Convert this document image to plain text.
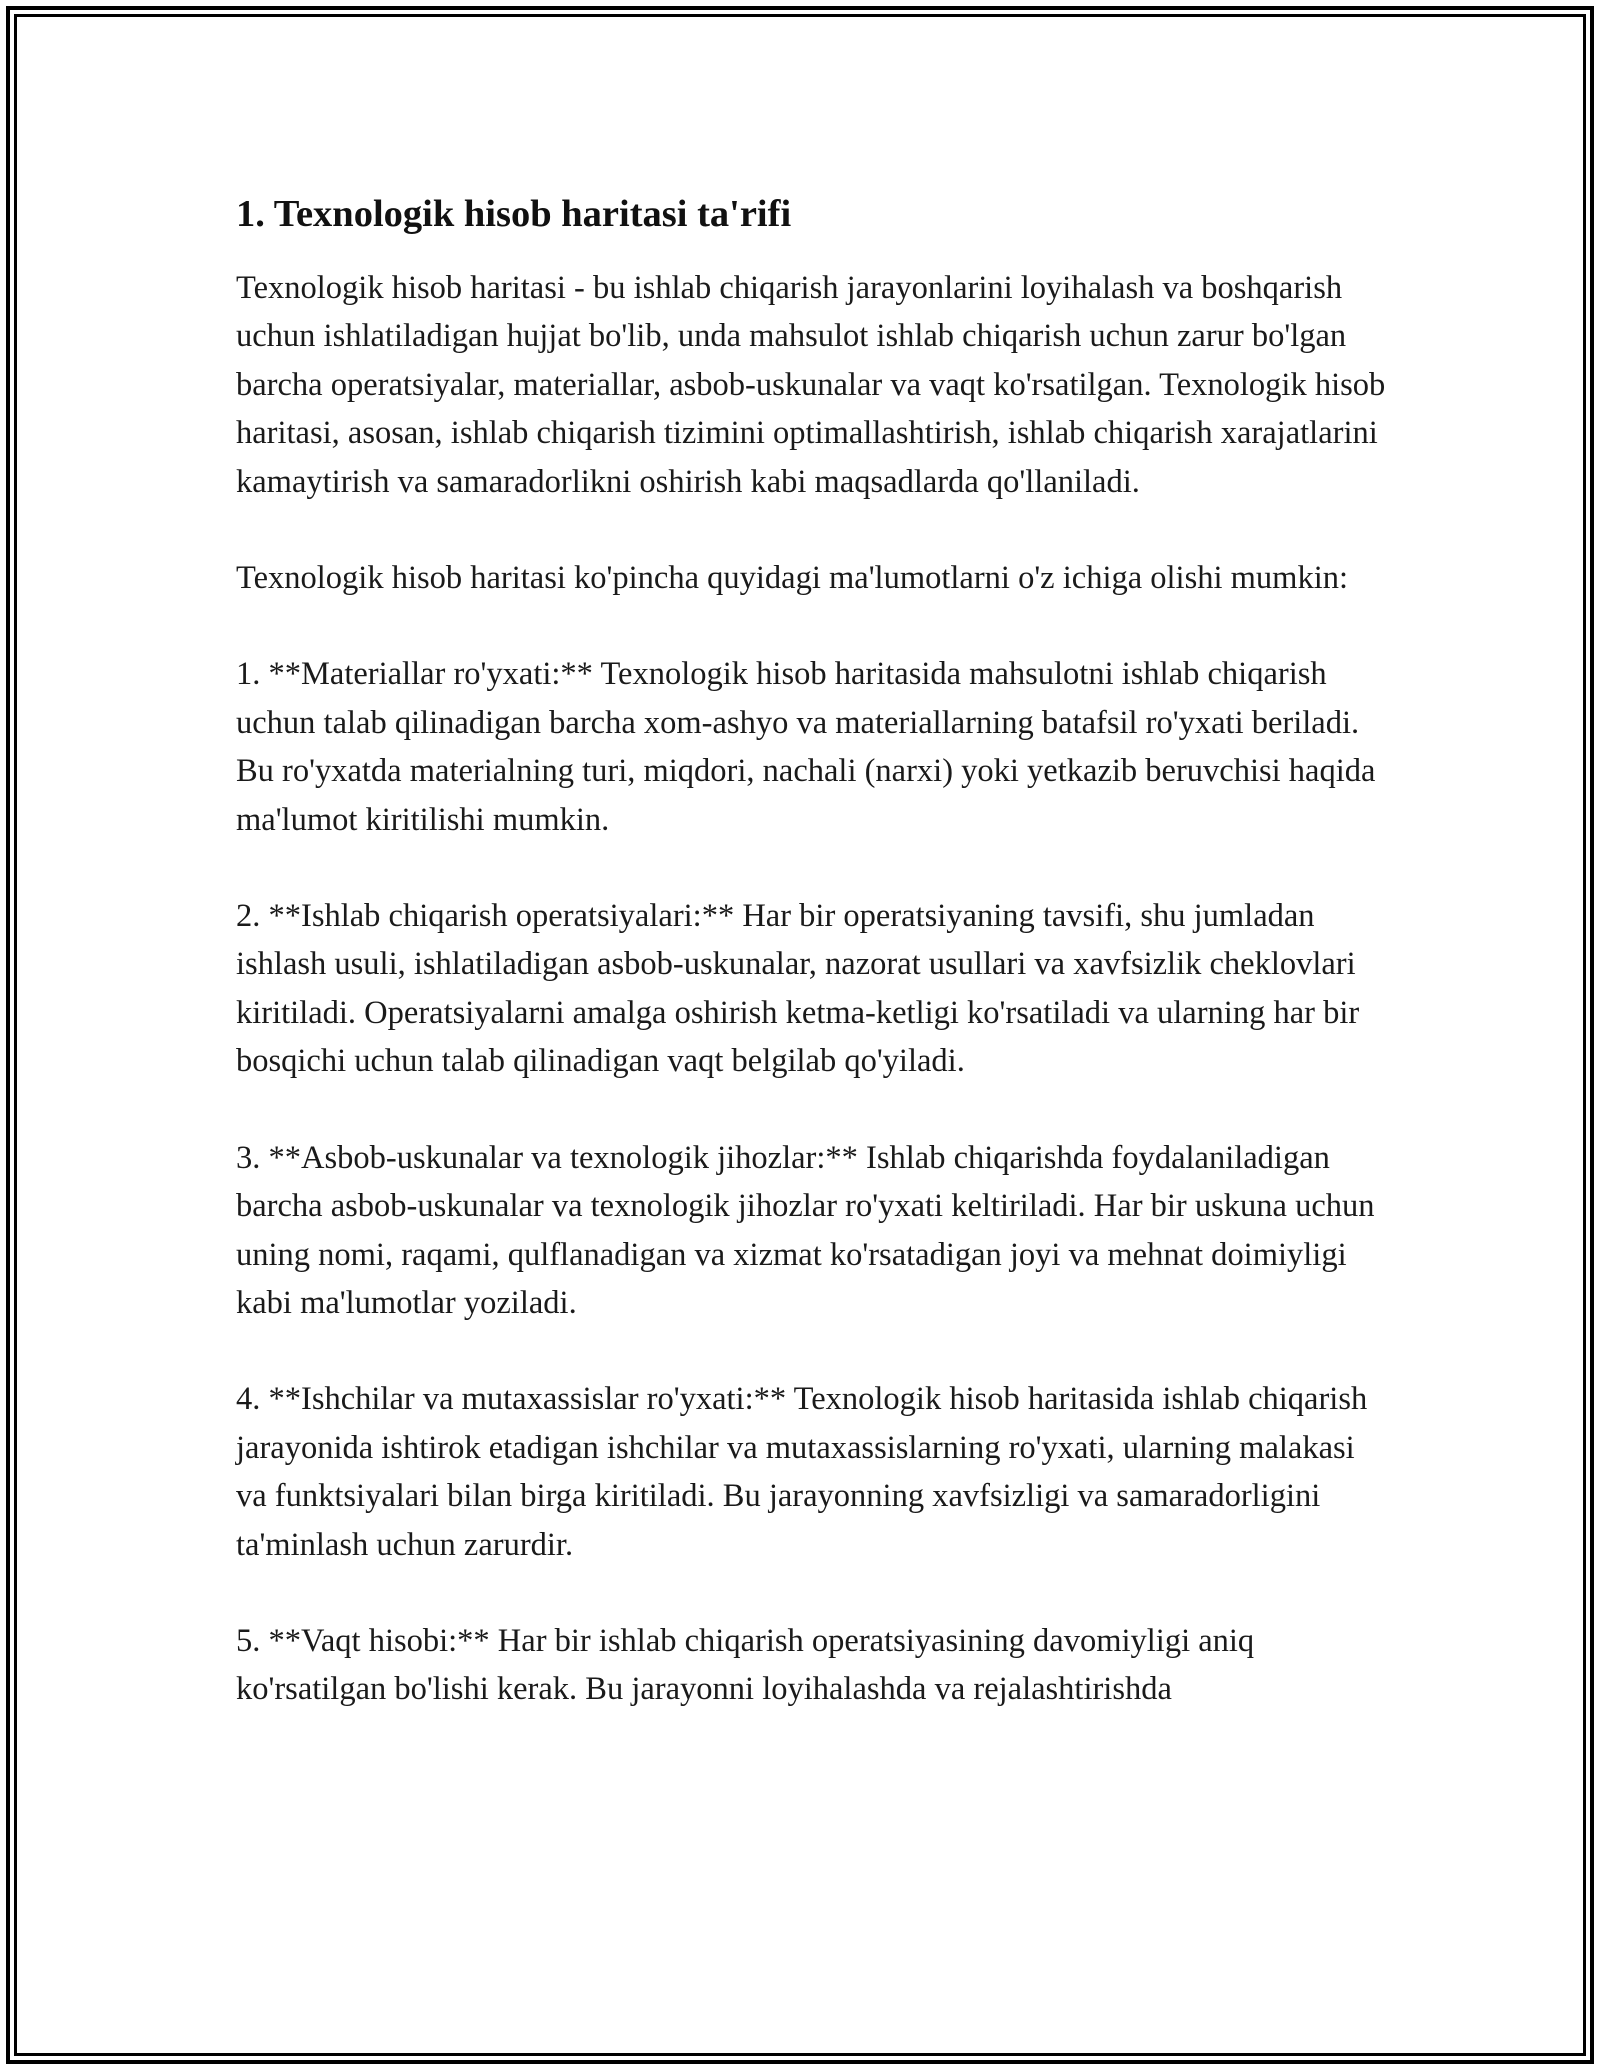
1. Texnologik hisob haritasi ta'rifi

Texnologik hisob haritasi - bu ishlab chiqarish jarayonlarini loyihalash va boshqarish uchun ishlatiladigan hujjat bo'lib, unda mahsulot ishlab chiqarish uchun zarur bo'lgan barcha operatsiyalar, materiallar, asbob-uskunalar va vaqt ko'rsatilgan. Texnologik hisob haritasi, asosan, ishlab chiqarish tizimini optimallashtirish, ishlab chiqarish xarajatlarini kamaytirish va samaradorlikni oshirish kabi maqsadlarda qo'llaniladi.

Texnologik hisob haritasi ko'pincha quyidagi ma'lumotlarni o'z ichiga olishi mumkin:

1. **Materiallar ro'yxati:** Texnologik hisob haritasida mahsulotni ishlab chiqarish uchun talab qilinadigan barcha xom-ashyo va materiallarning batafsil ro'yxati beriladi. Bu ro'yxatda materialning turi, miqdori, nachali (narxi) yoki yetkazib beruvchisi haqida ma'lumot kiritilishi mumkin.

2. **Ishlab chiqarish operatsiyalari:** Har bir operatsiyaning tavsifi, shu jumladan ishlash usuli, ishlatiladigan asbob-uskunalar, nazorat usullari va xavfsizlik cheklovlari kiritiladi. Operatsiyalarni amalga oshirish ketma-ketligi ko'rsatiladi va ularning har bir bosqichi uchun talab qilinadigan vaqt belgilab qo'yiladi.

3. **Asbob-uskunalar va texnologik jihozlar:** Ishlab chiqarishda foydalaniladigan barcha asbob-uskunalar va texnologik jihozlar ro'yxati keltiriladi. Har bir uskuna uchun uning nomi, raqami, qulflanadigan va xizmat ko'rsatadigan joyi va mehnat doimiyligi kabi ma'lumotlar yoziladi.

4. **Ishchilar va mutaxassislar ro'yxati:** Texnologik hisob haritasida ishlab chiqarish jarayonida ishtirok etadigan ishchilar va mutaxassislarning ro'yxati, ularning malakasi va funktsiyalari bilan birga kiritiladi. Bu jarayonning xavfsizligi va samaradorligini ta'minlash uchun zarurdir.

5. **Vaqt hisobi:** Har bir ishlab chiqarish operatsiyasining davomiyligi aniq ko'rsatilgan bo'lishi kerak. Bu jarayonni loyihalashda va rejalashtirishda
